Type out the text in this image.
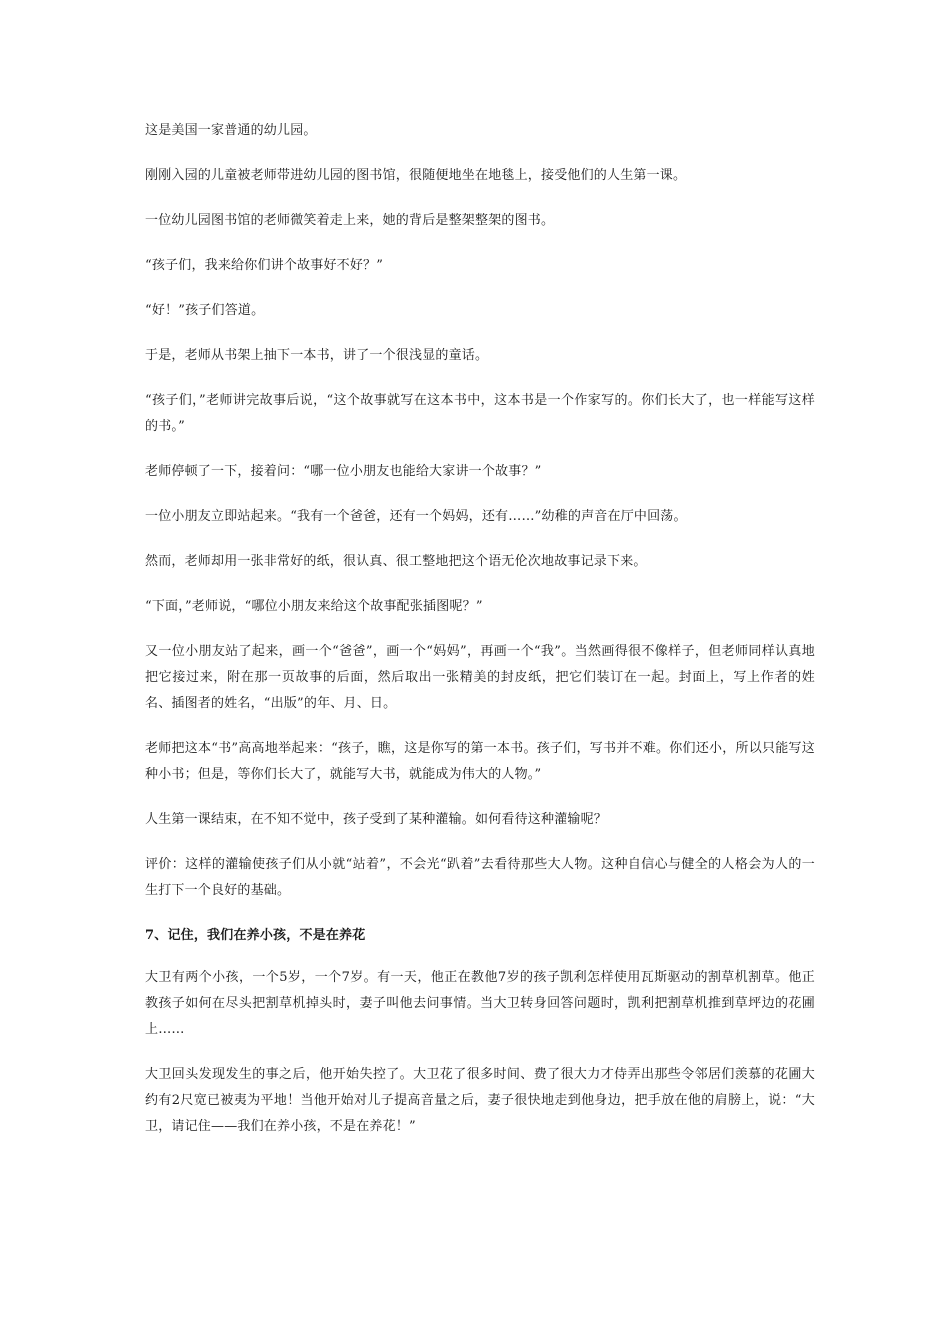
这是美国一家普通的幼儿园。

刚刚入园的儿童被老师带进幼儿园的图书馆，很随便地坐在地毯上，接受他们的人生第一课。

一位幼儿园图书馆的老师微笑着走上来，她的背后是整架整架的图书。

“孩子们，我来给你们讲个故事好不好？”

“好！”孩子们答道。

于是，老师从书架上抽下一本书，讲了一个很浅显的童话。

“孩子们，”老师讲完故事后说，“这个故事就写在这本书中，这本书是一个作家写的。你们长大了，也一样能写这样的书。”

老师停顿了一下，接着问：“哪一位小朋友也能给大家讲一个故事？”

一位小朋友立即站起来。“我有一个爸爸，还有一个妈妈，还有……”幼稚的声音在厅中回荡。

然而，老师却用一张非常好的纸，很认真、很工整地把这个语无伦次地故事记录下来。

“下面，”老师说，“哪位小朋友来给这个故事配张插图呢？”

又一位小朋友站了起来，画一个“爸爸”，画一个“妈妈”，再画一个“我”。当然画得很不像样子，但老师同样认真地把它接过来，附在那一页故事的后面，然后取出一张精美的封皮纸，把它们装订在一起。封面上，写上作者的姓名、插图者的姓名，“出版”的年、月、日。

老师把这本“书”高高地举起来：“孩子，瞧，这是你写的第一本书。孩子们，写书并不难。你们还小，所以只能写这种小书；但是，等你们长大了，就能写大书，就能成为伟大的人物。”

人生第一课结束，在不知不觉中，孩子受到了某种灌输。如何看待这种灌输呢？

评价：这样的灌输使孩子们从小就“站着”，不会光“趴着”去看待那些大人物。这种自信心与健全的人格会为人的一生打下一个良好的基础。

7、记住，我们在养小孩，不是在养花

大卫有两个小孩，一个5岁，一个7岁。有一天，他正在教他7岁的孩子凯利怎样使用瓦斯驱动的割草机割草。他正教孩子如何在尽头把割草机掉头时，妻子叫他去问事情。当大卫转身回答问题时，凯利把割草机推到草坪边的花圃上……

大卫回头发现发生的事之后，他开始失控了。大卫花了很多时间、费了很大力才侍弄出那些令邻居们羡慕的花圃大约有2尺宽已被夷为平地！当他开始对儿子提高音量之后，妻子很快地走到他身边，把手放在他的肩膀上，说：“大卫，请记住——我们在养小孩，不是在养花！”
